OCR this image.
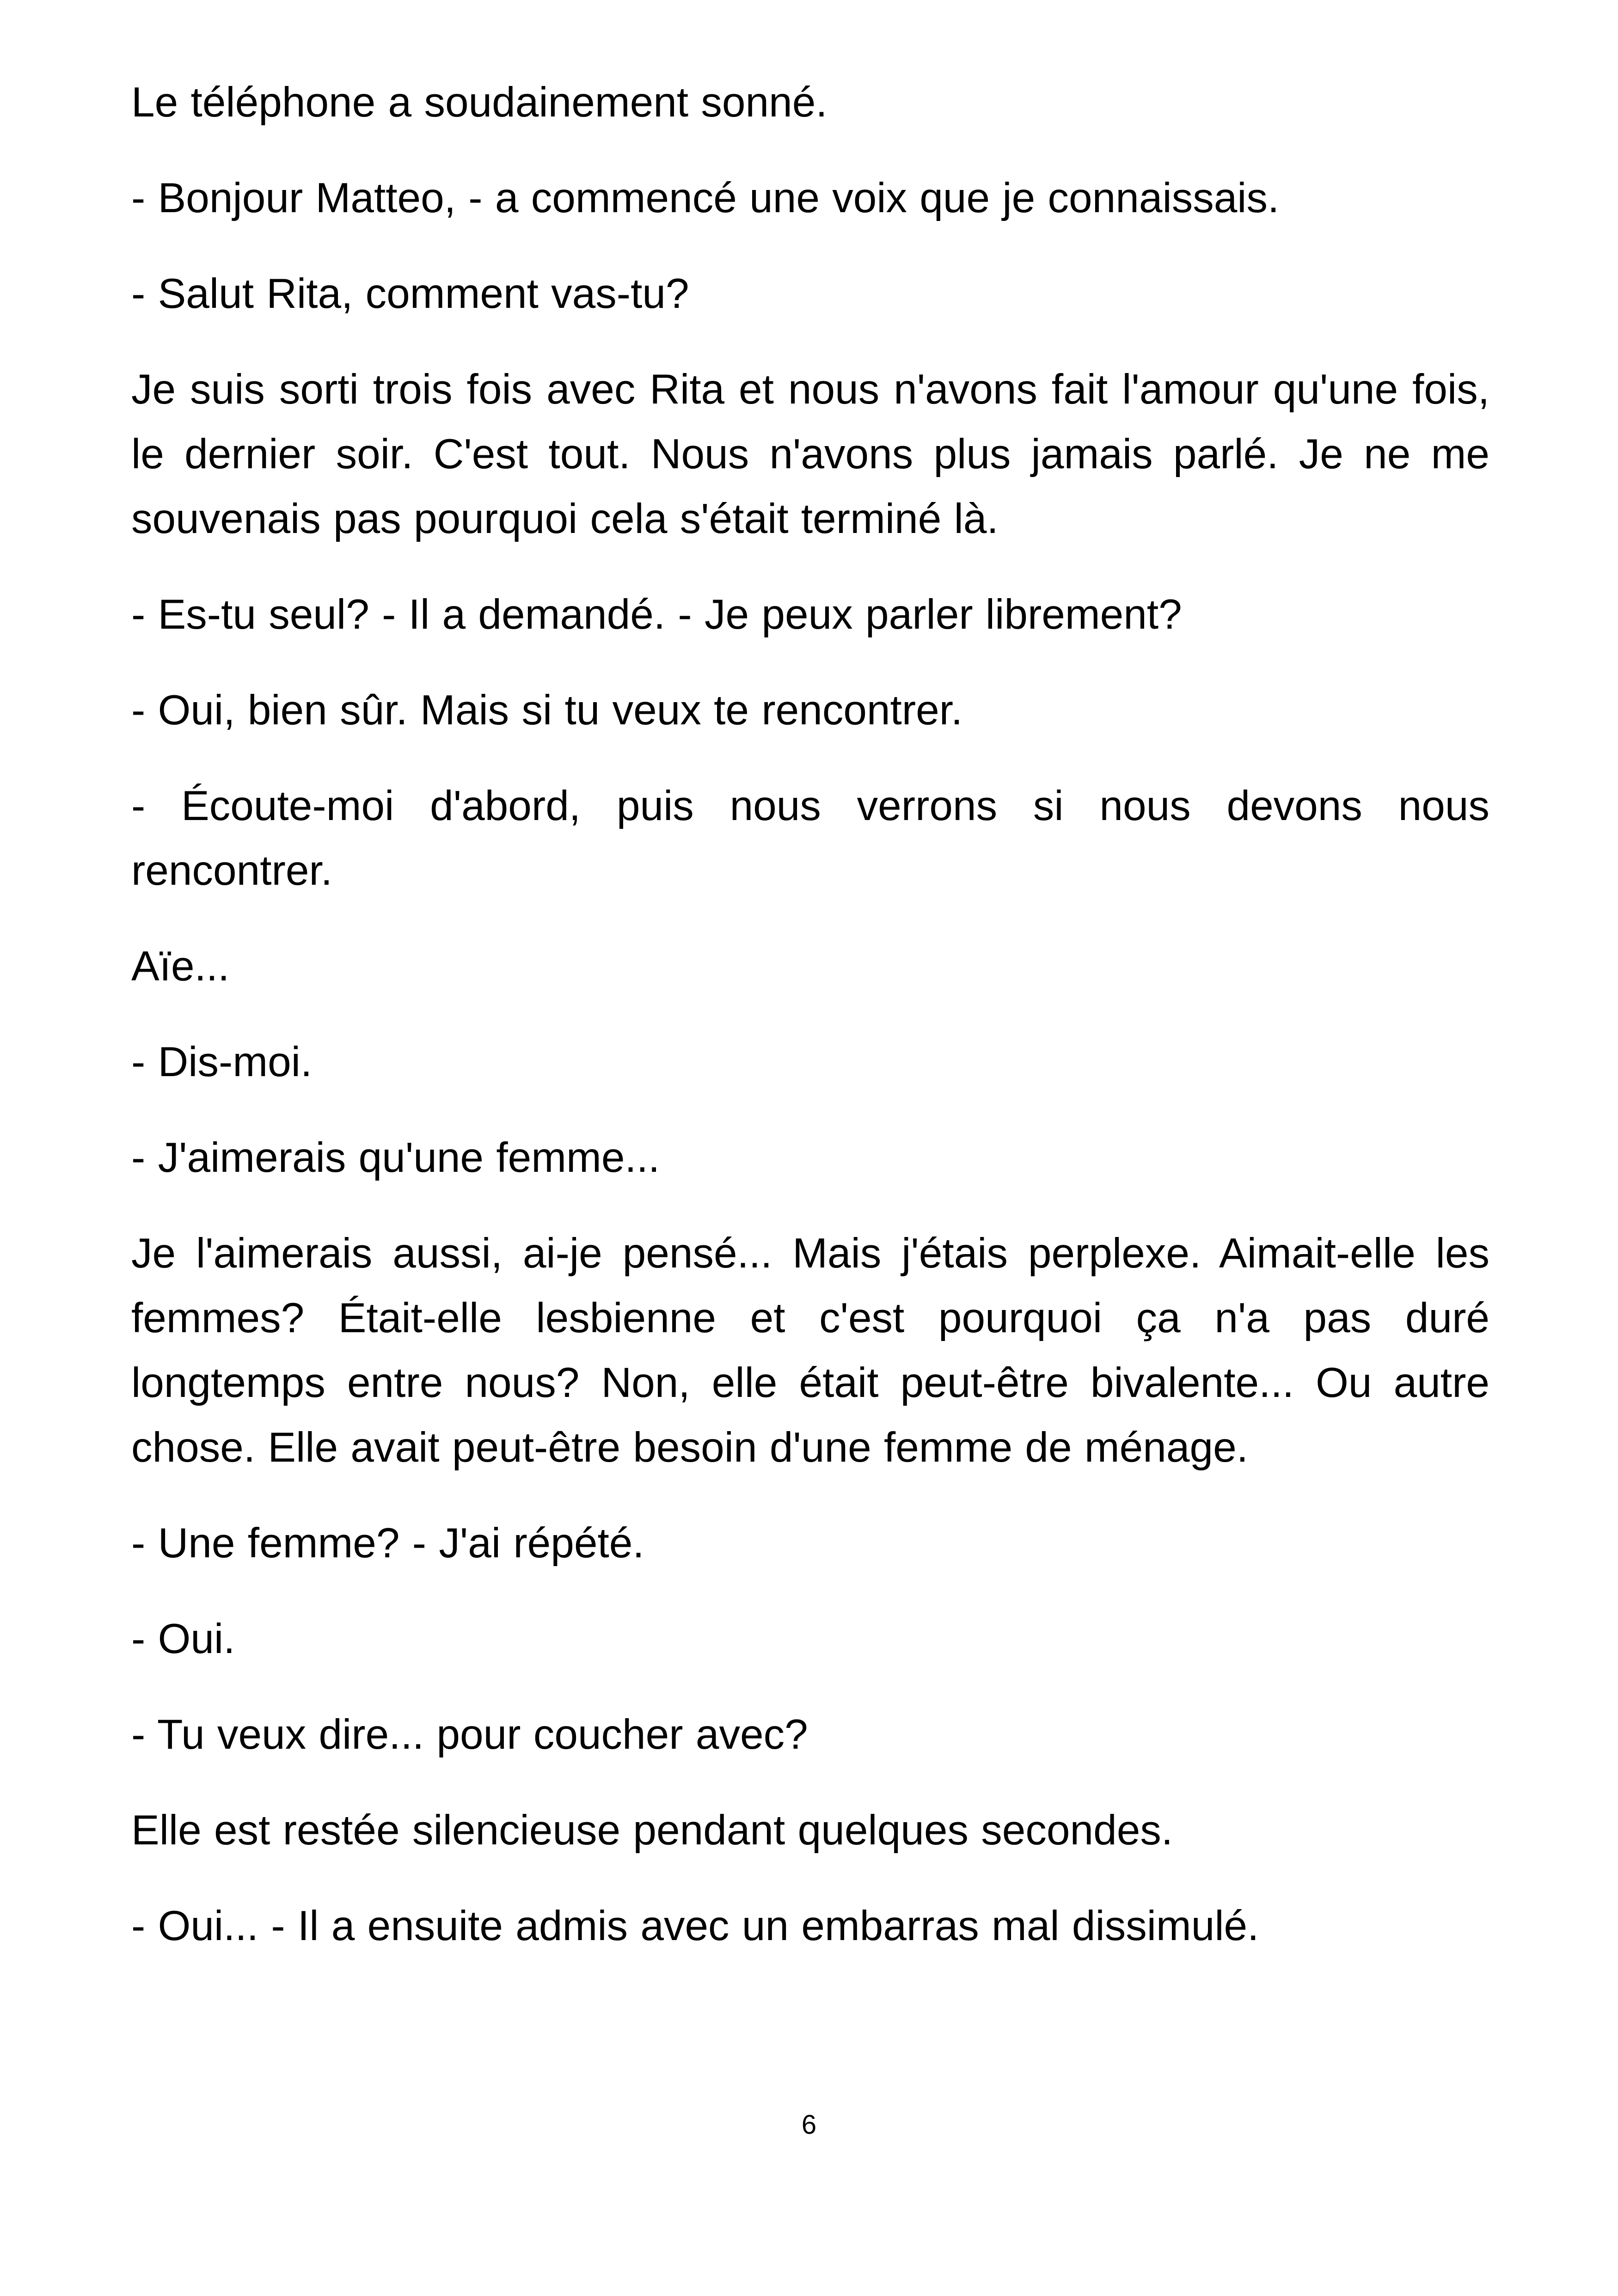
Le téléphone a soudainement sonné.

- Bonjour Matteo, - a commencé une voix que je connaissais.

- Salut Rita, comment vas-tu?

Je suis sorti trois fois avec Rita et nous n'avons fait l'amour qu'une fois, le dernier soir. C'est tout. Nous n'avons plus jamais parlé. Je ne me souvenais pas pourquoi cela s'était terminé là.

- Es-tu seul? - Il a demandé. - Je peux parler librement?

- Oui, bien sûr. Mais si tu veux te rencontrer.

- Écoute-moi d'abord, puis nous verrons si nous devons nous rencontrer.

Aïe...

- Dis-moi.

- J'aimerais qu'une femme...

Je l'aimerais aussi, ai-je pensé... Mais j'étais perplexe. Aimait-elle les femmes? Était-elle lesbienne et c'est pourquoi ça n'a pas duré longtemps entre nous? Non, elle était peut-être bivalente... Ou autre chose. Elle avait peut-être besoin d'une femme de ménage.

- Une femme? - J'ai répété.

- Oui.

- Tu veux dire... pour coucher avec?

Elle est restée silencieuse pendant quelques secondes.

- Oui... - Il a ensuite admis avec un embarras mal dissimulé.

6
